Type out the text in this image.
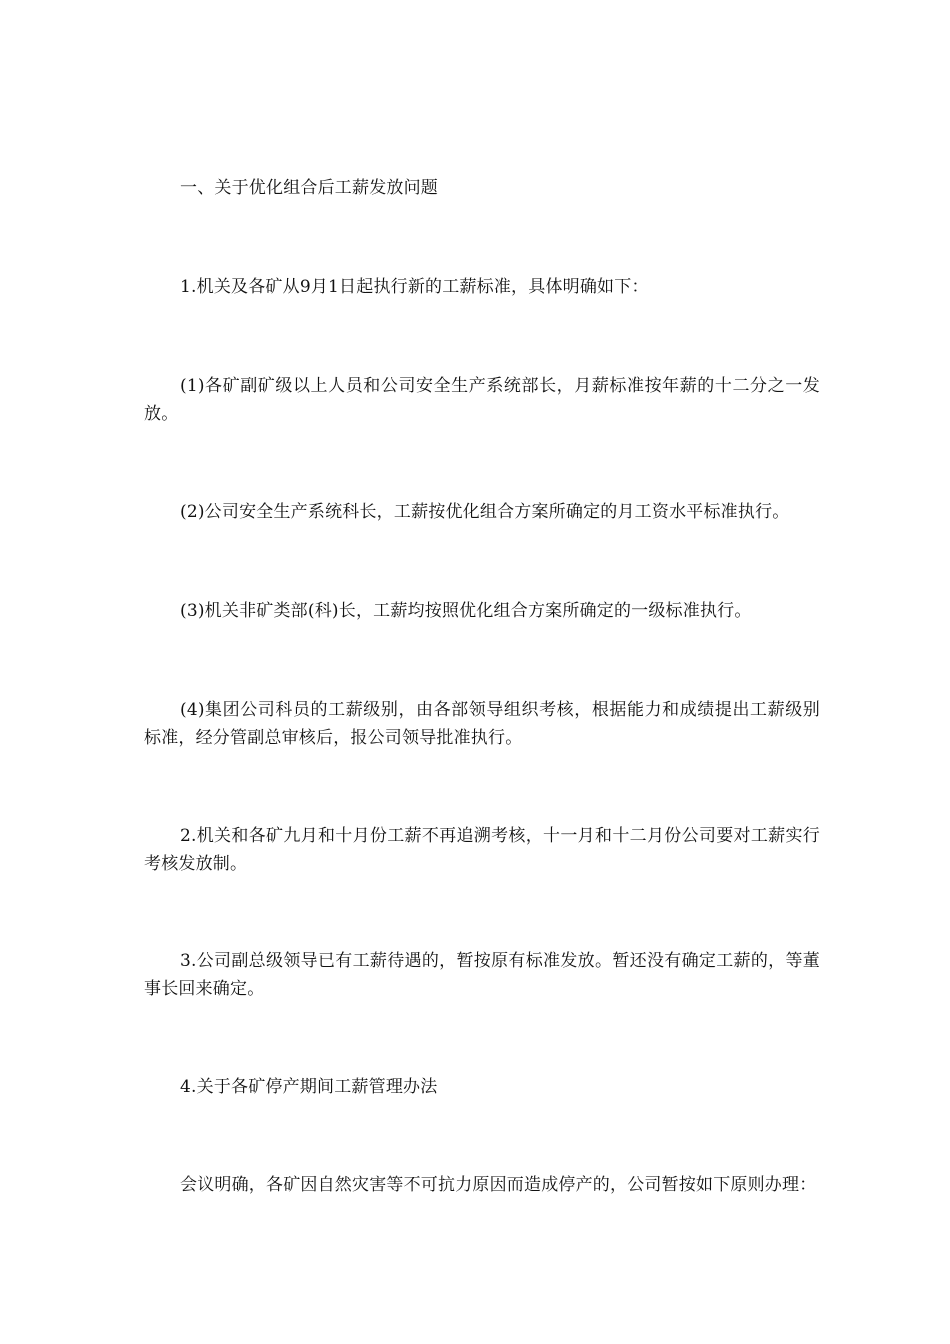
一、关于优化组合后工薪发放问题

1.机关及各矿从9月1日起执行新的工薪标准，具体明确如下：

(1)各矿副矿级以上人员和公司安全生产系统部长，月薪标准按年薪的十二分之一发放。

(2)公司安全生产系统科长，工薪按优化组合方案所确定的月工资水平标准执行。

(3)机关非矿类部(科)长，工薪均按照优化组合方案所确定的一级标准执行。

(4)集团公司科员的工薪级别，由各部领导组织考核，根据能力和成绩提出工薪级别标准，经分管副总审核后，报公司领导批准执行。

2.机关和各矿九月和十月份工薪不再追溯考核，十一月和十二月份公司要对工薪实行考核发放制。

3.公司副总级领导已有工薪待遇的，暂按原有标准发放。暂还没有确定工薪的，等董事长回来确定。

4.关于各矿停产期间工薪管理办法

会议明确，各矿因自然灾害等不可抗力原因而造成停产的，公司暂按如下原则办理：
